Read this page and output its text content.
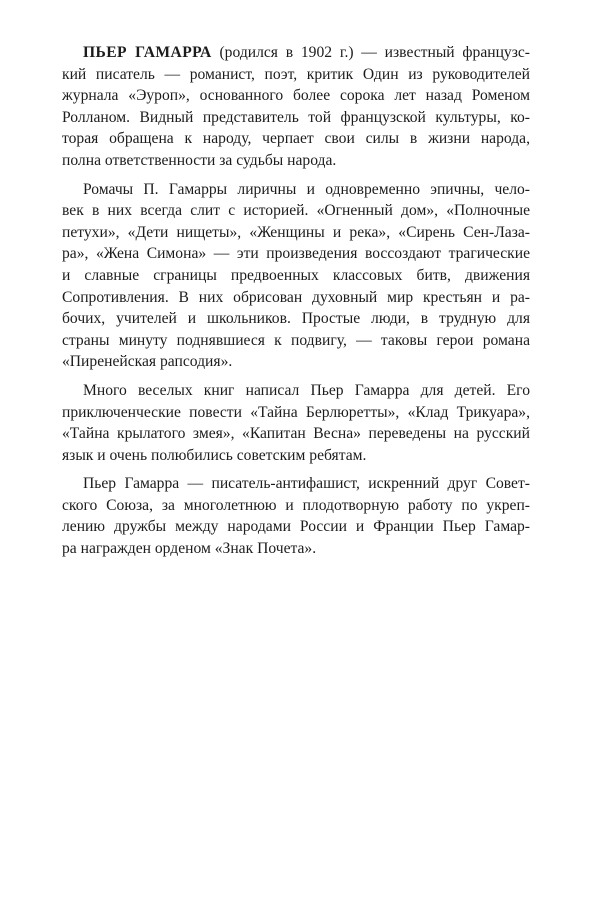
ПЬЕР ГАМАРРА (родился в 1902 г.) — известный французс-
кий писатель — романист, поэт, критик Один из руководителей
журнала «Эуроп», основанного более сорока лет назад Роменом
Ролланом. Видный представитель той французской культуры, ко-
торая обращена к народу, черпает свои силы в жизни народа,
полна ответственности за судьбы народа.
Ромачы П. Гамарры лиричны и одновременно эпичны, чело-
век в них всегда слит с историей. «Огненный дом», «Полночные
петухи», «Дети нищеты», «Женщины и река», «Сирень Сен-Лаза-
ра», «Жена Симона» — эти произведения воссоздают трагические
и славные сграницы предвоенных классовых битв, движения
Сопротивления. В них обрисован духовный мир крестьян и ра-
бочих, учителей и школьников. Простые люди, в трудную для
страны минуту поднявшиеся к подвигу, — таковы герои романа
«Пиренейская рапсодия».
Много веселых книг написал Пьер Гамарра для детей. Его
приключенческие повести «Тайна Берлюретты», «Клад Трикуара»,
«Тайна крылатого змея», «Капитан Весна» переведены на русский
язык и очень полюбились советским ребятам.
Пьер Гамарра — писатель-антифашист, искренний друг Совет-
ского Союза, за многолетнюю и плодотворную работу по укреп-
лению дружбы между народами России и Франции Пьер Гамар-
ра награжден орденом «Знак Почета».
